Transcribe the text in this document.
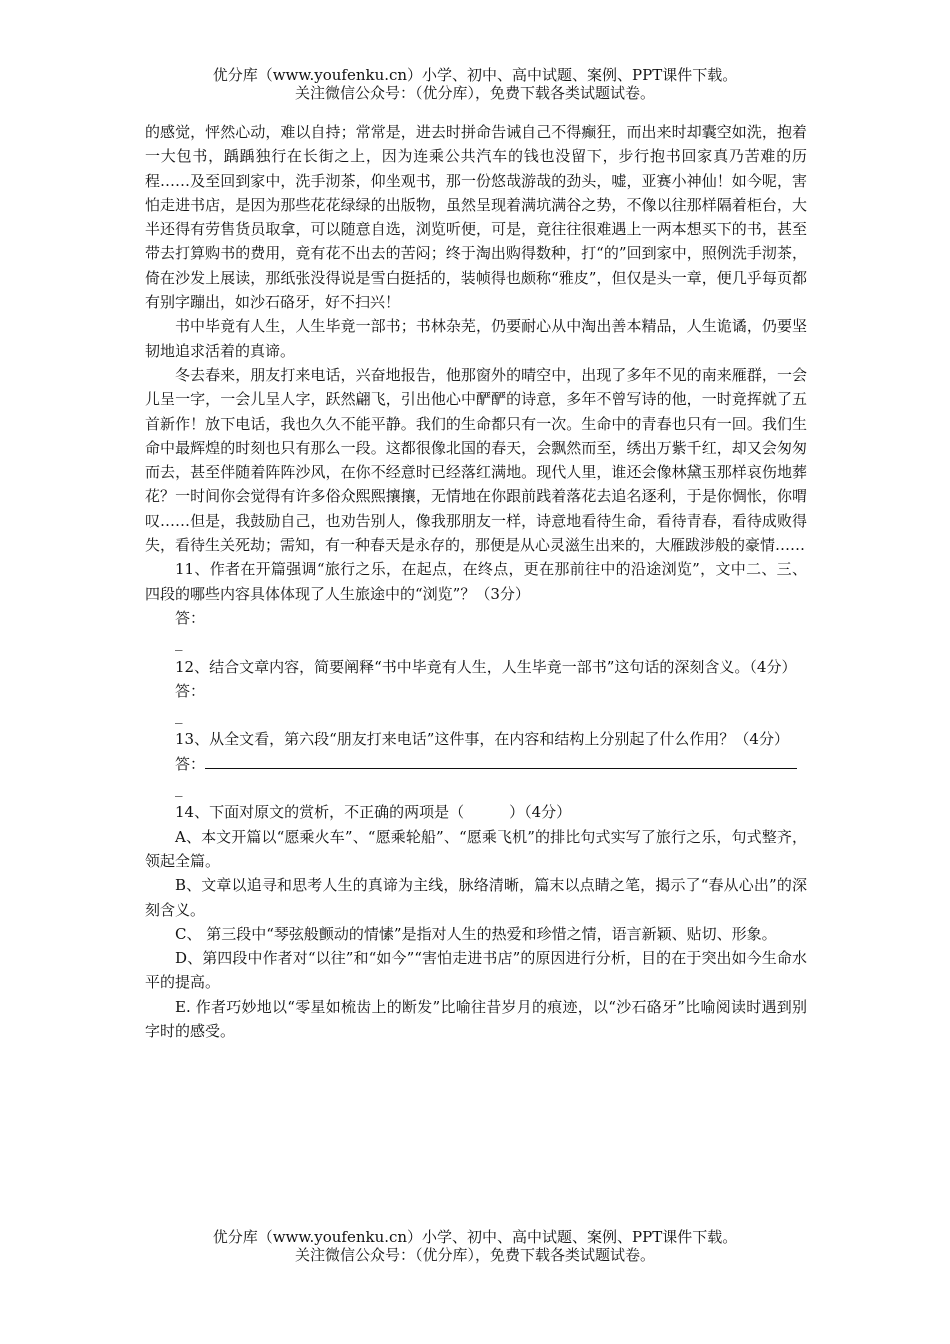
优分库（www.youfenku.cn）小学、初中、高中试题、案例、PPT课件下载。
关注微信公众号：（优分库），免费下载各类试题试卷。

的感觉，怦然心动，难以自持；常常是，进去时拼命告诫自己不得癫狂，而出来时却囊空如洗，抱着一大包书，踽踽独行在长街之上，因为连乘公共汽车的钱也没留下，步行抱书回家真乃苦难的历程……及至回到家中，洗手沏茶，仰坐观书，那一份悠哉游哉的劲头，嘘，亚赛小神仙！如今呢，害怕走进书店，是因为那些花花绿绿的出版物，虽然呈现着满坑满谷之势，不像以往那样隔着柜台，大半还得有劳售货员取拿，可以随意自选，浏览听便，可是，竟往往很难遇上一两本想买下的书，甚至带去打算购书的费用，竟有花不出去的苦闷；终于淘出购得数种，打“的”回到家中，照例洗手沏茶，倚在沙发上展读，那纸张没得说是雪白挺括的，装帧得也颇称“雅皮”，但仅是头一章，便几乎每页都有别字蹦出，如沙石硌牙，好不扫兴！

书中毕竟有人生，人生毕竟一部书；书林杂芜，仍要耐心从中淘出善本精品，人生诡谲，仍要坚韧地追求活着的真谛。

冬去春来，朋友打来电话，兴奋地报告，他那窗外的晴空中，出现了多年不见的南来雁群，一会儿呈一字，一会儿呈人字，跃然翩飞，引出他心中酽酽的诗意，多年不曾写诗的他，一时竟挥就了五首新作！放下电话，我也久久不能平静。我们的生命都只有一次。生命中的青春也只有一回。我们生命中最辉煌的时刻也只有那么一段。这都很像北国的春天，会飘然而至，绣出万紫千红，却又会匆匆而去，甚至伴随着阵阵沙风，在你不经意时已经落红满地。现代人里，谁还会像林黛玉那样哀伤地葬花？一时间你会觉得有许多俗众熙熙攘攘，无情地在你跟前践着落花去追名逐利，于是你惆怅，你喟叹……但是，我鼓励自己，也劝告别人，像我那朋友一样，诗意地看待生命，看待青春，看待成败得失，看待生关死劫；需知，有一种春天是永存的，那便是从心灵滋生出来的，大雁跋涉般的豪情……

11、作者在开篇强调“旅行之乐，在起点，在终点，更在那前往中的沿途浏览”，文中二、三、四段的哪些内容具体体现了人生旅途中的“浏览”？（3分）

答：

_

12、结合文章内容，简要阐释“书中毕竟有人生，人生毕竟一部书”这句话的深刻含义。（4分）

答：

_

13、从全文看，第六段“朋友打来电话”这件事，在内容和结构上分别起了什么作用？（4分）

答：

_

14、下面对原文的赏析，不正确的两项是（　　　）（4分）

A、本文开篇以“愿乘火车”、“愿乘轮船”、“愿乘飞机”的排比句式实写了旅行之乐，句式整齐，领起全篇。

B、文章以追寻和思考人生的真谛为主线，脉络清晰，篇末以点睛之笔，揭示了“春从心出”的深刻含义。

C、 第三段中“琴弦般颤动的情愫”是指对人生的热爱和珍惜之情，语言新颖、贴切、形象。

D、第四段中作者对“以往”和“如今”“害怕走进书店”的原因进行分析，目的在于突出如今生命水平的提高。

E. 作者巧妙地以“零星如梳齿上的断发”比喻往昔岁月的痕迹，以“沙石硌牙”比喻阅读时遇到别字时的感受。

优分库（www.youfenku.cn）小学、初中、高中试题、案例、PPT课件下载。
关注微信公众号：（优分库），免费下载各类试题试卷。
